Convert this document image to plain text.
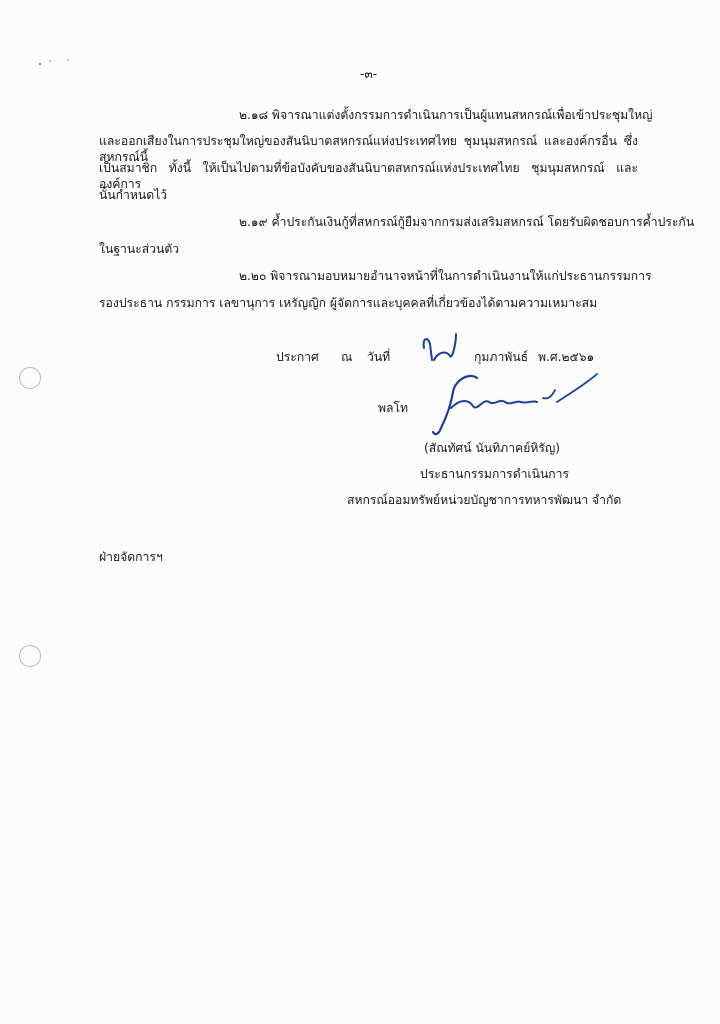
-๓-
๒.๑๘ พิจารณาแต่งตั้งกรรมการดำเนินการเป็นผู้แทนสหกรณ์เพื่อเข้าประชุมใหญ่
และออกเสียงในการประชุมใหญ่ของสันนิบาตสหกรณ์แห่งประเทศไทย ชุมนุมสหกรณ์ และองค์กรอื่น ซึ่งสหกรณ์นี้
เป็นสมาชิก ทั้งนี้ ให้เป็นไปตามที่ข้อบังคับของสันนิบาตสหกรณ์แห่งประเทศไทย ชุมนุมสหกรณ์ และองค์การ
นั้นกำหนดไว้
๒.๑๙ ค้ำประกันเงินกู้ที่สหกรณ์กู้ยืมจากกรมส่งเสริมสหกรณ์ โดยรับผิดชอบการค้ำประกัน
ในฐานะส่วนตัว
๒.๒๐ พิจารณามอบหมายอำนาจหน้าที่ในการดำเนินงานให้แก่ประธานกรรมการ
รองประธาน กรรมการ เลขานุการ เหรัญญิก ผู้จัดการและบุคคลที่เกี่ยวข้องได้ตามความเหมาะสม
ประกาศ ณ วันที่	กุมภาพันธ์ พ.ศ.๒๕๖๑
พลโท
(สัณทัศน์ นันทิภาคย์หิรัญ)
ประธานกรรมการดำเนินการ
สหกรณ์ออมทรัพย์หน่วยบัญชาการทหารพัฒนา จำกัด
ฝ่ายจัดการฯ
